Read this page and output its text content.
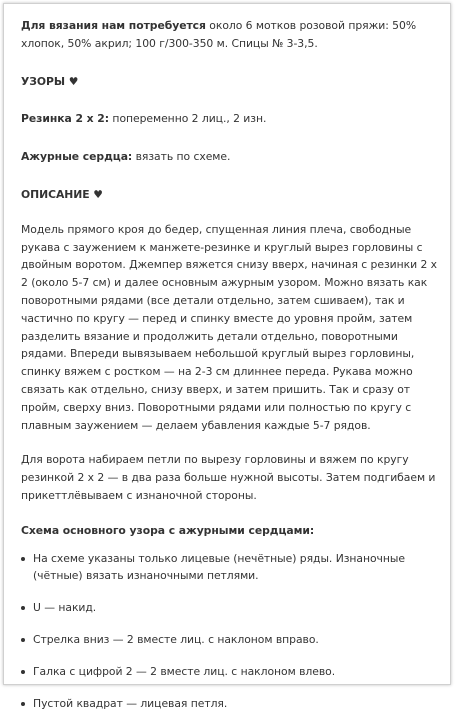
Для вязания нам потребуется около 6 мотков розовой пряжи: 50% хлопок, 50% акрил; 100 г/300-350 м. Спицы № 3-3,5.

УЗОРЫ ♥

Резинка 2 х 2: попеременно 2 лиц., 2 изн.

Ажурные сердца: вязать по схеме.

ОПИСАНИЕ ♥

Модель прямого кроя до бедер, спущенная линия плеча, свободные рукава с заужением к манжете-резинке и круглый вырез горловины с двойным воротом. Джемпер вяжется снизу вверх, начиная с резинки 2 х 2 (около 5-7 см) и далее основным ажурным узором. Можно вязать как поворотными рядами (все детали отдельно, затем сшиваем), так и частично по кругу — перед и спинку вместе до уровня пройм, затем разделить вязание и продолжить детали отдельно, поворотными рядами. Впереди вывязываем небольшой круглый вырез горловины, спинку вяжем с ростком — на 2-3 см длиннее переда. Рукава можно связать как отдельно, снизу вверх, и затем пришить. Так и сразу от пройм, сверху вниз. Поворотными рядами или полностью по кругу с плавным заужением — делаем убавления каждые 5-7 рядов.

Для ворота набираем петли по вырезу горловины и вяжем по кругу резинкой 2 х 2 — в два раза больше нужной высоты. Затем подгибаем и прикеттлёвываем с изнаночной стороны.

Схема основного узора с ажурными сердцами:

На схеме указаны только лицевые (нечётные) ряды. Изнаночные (чётные) вязать изнаночными петлями.
U — накид.
Стрелка вниз — 2 вместе лиц. с наклоном вправо.
Галка с цифрой 2 — 2 вместе лиц. с наклоном влево.
Пустой квадрат — лицевая петля.
